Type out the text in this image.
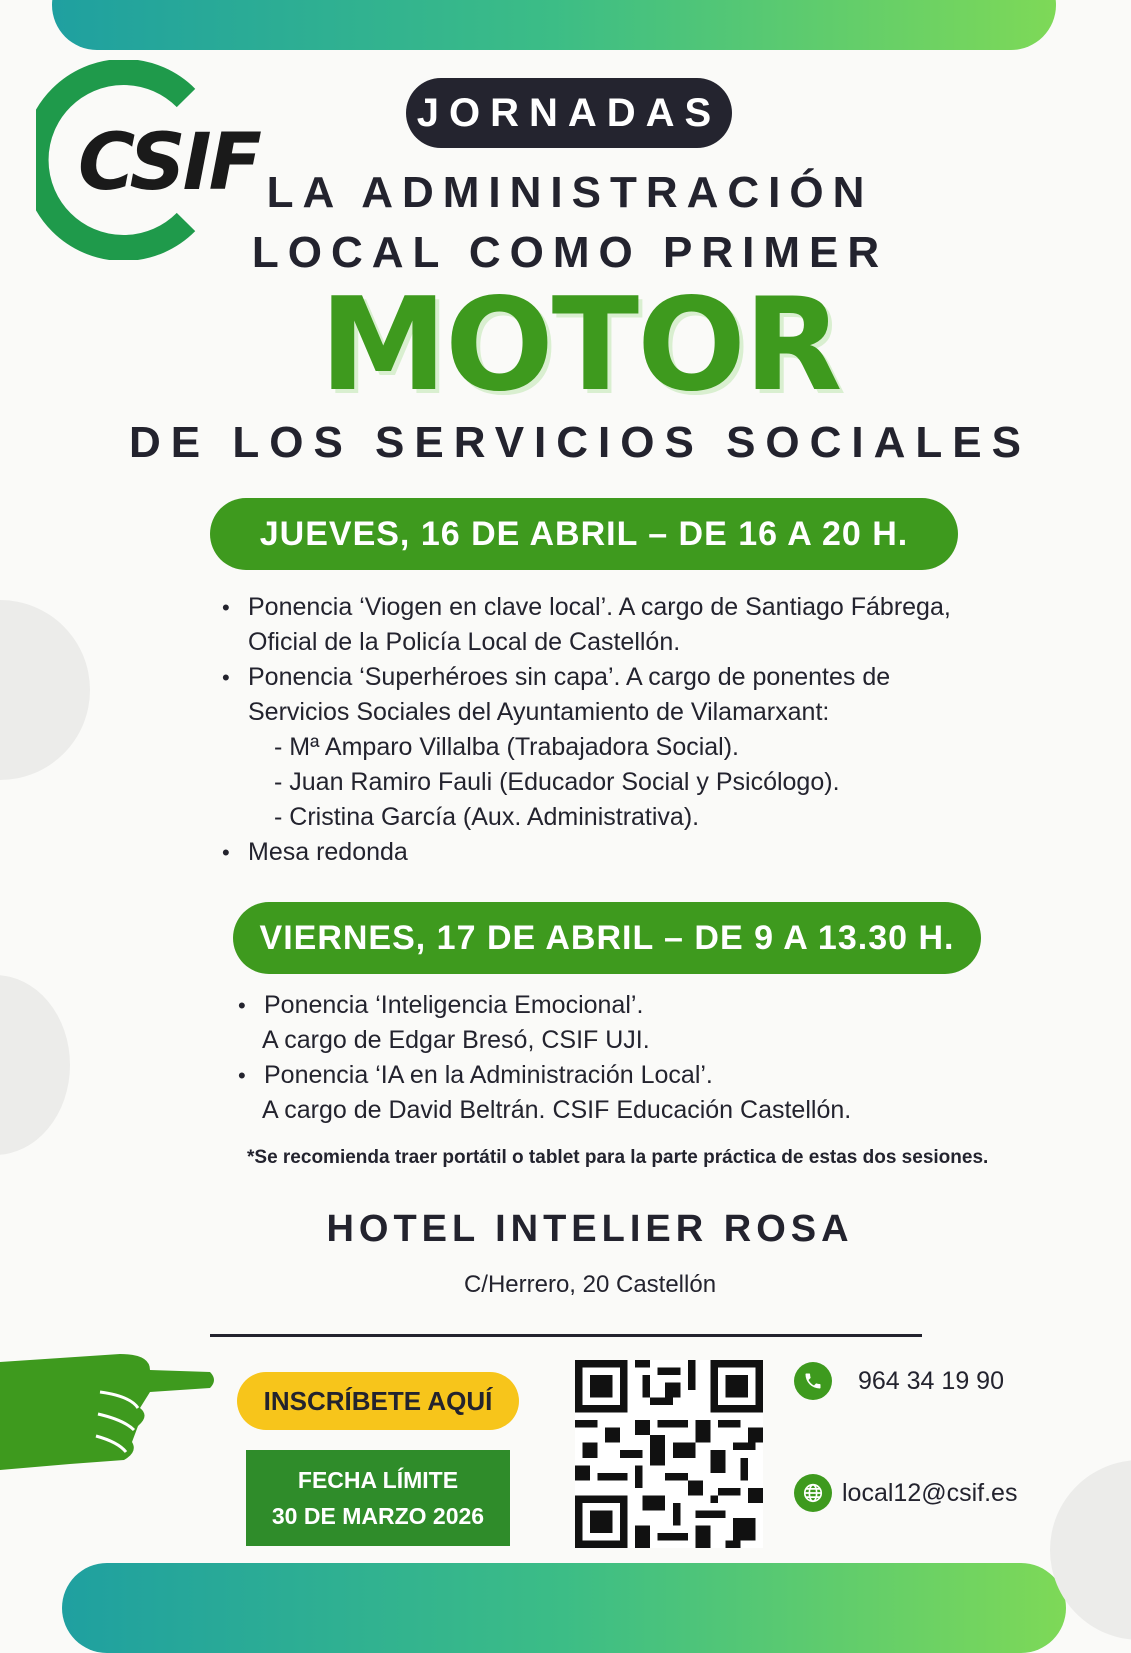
CSIF
JORNADAS
LA ADMINISTRACIÓN
LOCAL COMO PRIMER
MOTOR
DE LOS SERVICIOS SOCIALES
JUEVES, 16 DE ABRIL – DE 16 A 20 H.
• Ponencia ‘Viogen en clave local’. A cargo de Santiago Fábrega,
Oficial de la Policía Local de Castellón.
• Ponencia ‘Superhéroes sin capa’. A cargo de ponentes de
Servicios Sociales del Ayuntamiento de Vilamarxant:
- Mª Amparo Villalba (Trabajadora Social).
- Juan Ramiro Fauli (Educador Social y Psicólogo).
- Cristina García (Aux. Administrativa).
• Mesa redonda
VIERNES, 17 DE ABRIL – DE 9 A 13.30 H.
• Ponencia ‘Inteligencia Emocional’.
A cargo de Edgar Bresó, CSIF UJI.
• Ponencia ‘IA en la Administración Local’.
A cargo de David Beltrán. CSIF Educación Castellón.
*Se recomienda traer portátil o tablet para la parte práctica de estas dos sesiones.
HOTEL INTELIER ROSA
C/Herrero, 20 Castellón
INSCRÍBETE AQUÍ
FECHA LÍMITE
30 DE MARZO 2026
964 34 19 90
local12@csif.es
